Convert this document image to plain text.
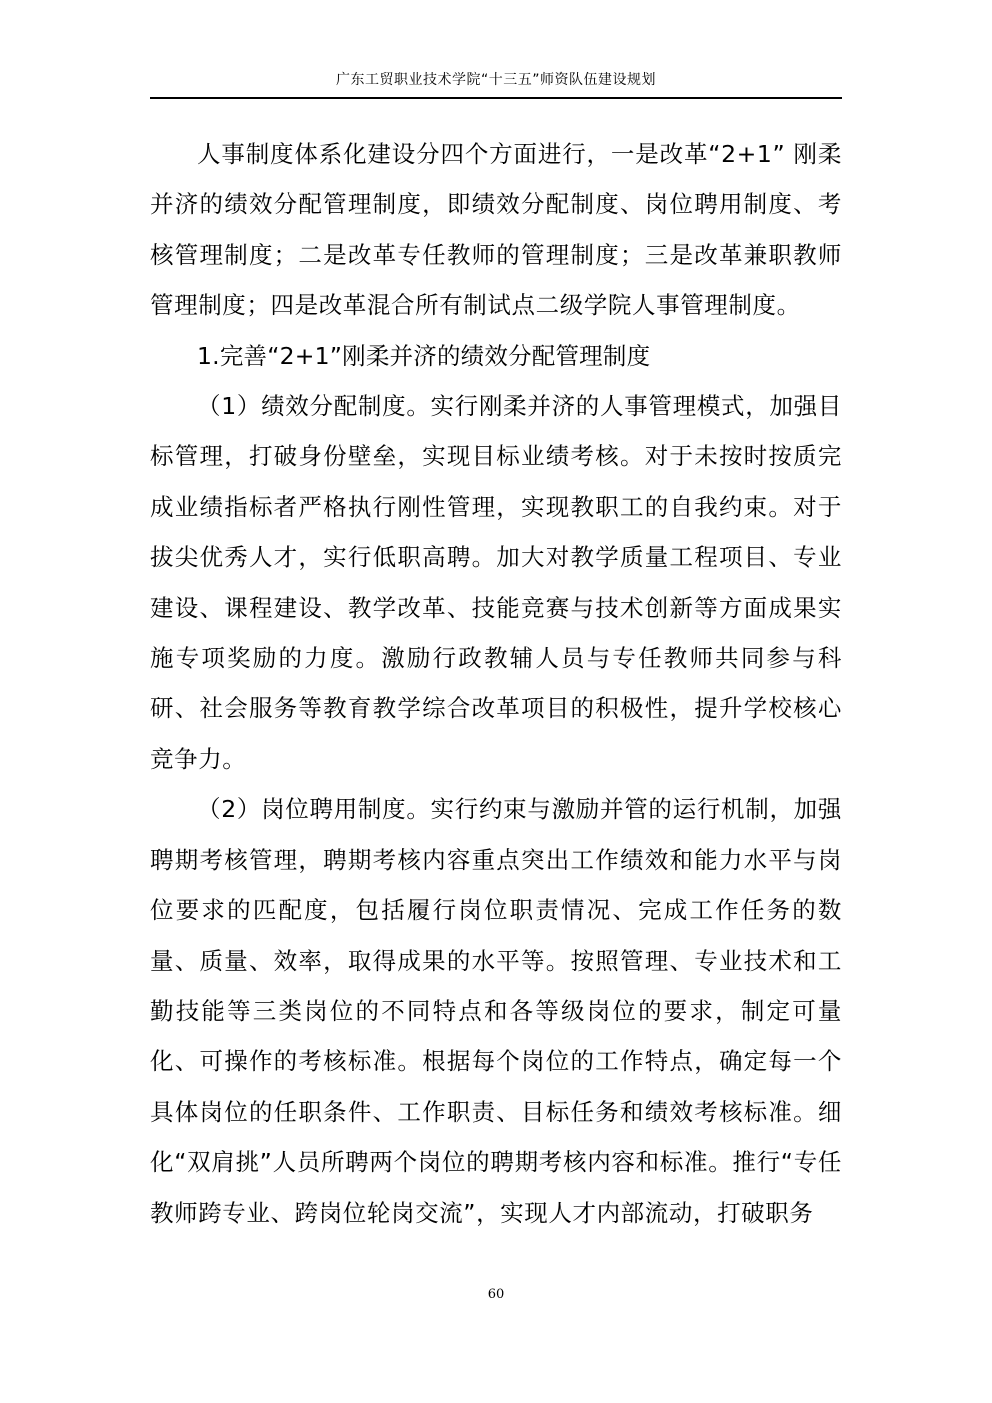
广东工贸职业技术学院“十三五”师资队伍建设规划

人事制度体系化建设分四个方面进行，一是改革“2+1” 刚柔并济的绩效分配管理制度，即绩效分配制度、岗位聘用制度、考核管理制度；二是改革专任教师的管理制度；三是改革兼职教师管理制度；四是改革混合所有制试点二级学院人事管理制度。

1.完善“2+1”刚柔并济的绩效分配管理制度

（1）绩效分配制度。实行刚柔并济的人事管理模式，加强目标管理，打破身份壁垒，实现目标业绩考核。对于未按时按质完成业绩指标者严格执行刚性管理，实现教职工的自我约束。对于拔尖优秀人才，实行低职高聘。加大对教学质量工程项目、专业建设、课程建设、教学改革、技能竞赛与技术创新等方面成果实施专项奖励的力度。激励行政教辅人员与专任教师共同参与科研、社会服务等教育教学综合改革项目的积极性，提升学校核心竞争力。

（2）岗位聘用制度。实行约束与激励并管的运行机制，加强聘期考核管理，聘期考核内容重点突出工作绩效和能力水平与岗位要求的匹配度，包括履行岗位职责情况、完成工作任务的数量、质量、效率，取得成果的水平等。按照管理、专业技术和工勤技能等三类岗位的不同特点和各等级岗位的要求，制定可量化、可操作的考核标准。根据每个岗位的工作特点，确定每一个具体岗位的任职条件、工作职责、目标任务和绩效考核标准。细化“双肩挑”人员所聘两个岗位的聘期考核内容和标准。推行“专任教师跨专业、跨岗位轮岗交流”，实现人才内部流动，打破职务

60
